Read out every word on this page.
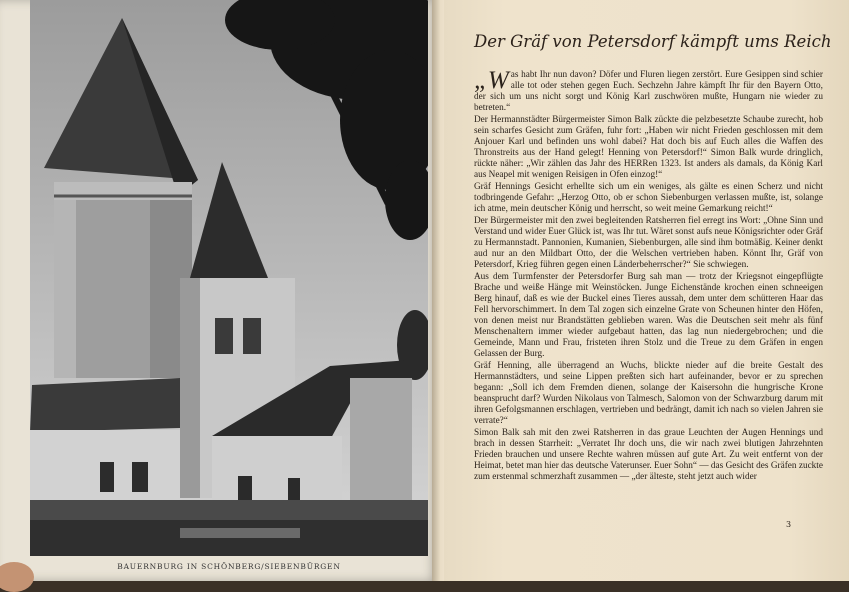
BAUERNBURG IN SCHÖNBERG/SIEBENBÜRGEN
Der Gräf von Petersdorf kämpft ums Reich

„Was habt Ihr nun davon? Döfer und Fluren liegen zerstört. Eure Gesippen sind schier alle tot oder stehen gegen Euch. Sechzehn Jahre kämpft Ihr für den Bayern Otto, der sich um uns nicht sorgt und König Karl zuschwören mußte, Hungarn nie wieder zu betreten.“

Der Hermannstädter Bürgermeister Simon Balk zückte die pelzbesetzte Schaube zurecht, hob sein scharfes Gesicht zum Gräfen, fuhr fort: „Haben wir nicht Frieden geschlossen mit dem Anjouer Karl und befinden uns wohl dabei? Hat doch bis auf Euch alles die Waffen des Thronstreits aus der Hand gelegt! Henning von Petersdorf!“ Simon Balk wurde dringlich, rückte näher: „Wir zählen das Jahr des HERRen 1323. Ist anders als damals, da König Karl aus Neapel mit wenigen Reisigen in Ofen einzog!“

Gräf Hennings Gesicht erhellte sich um ein weniges, als gälte es einen Scherz und nicht todbringende Gefahr: „Herzog Otto, ob er schon Siebenburgen verlassen mußte, ist, solange ich atme, mein deutscher König und herrscht, so weit meine Gemarkung reicht!“

Der Bürgermeister mit den zwei begleitenden Ratsherren fiel erregt ins Wort: „Ohne Sinn und Verstand und wider Euer Glück ist, was Ihr tut. Wäret sonst aufs neue Königsrichter oder Gräf zu Hermannstadt. Pannonien, Kumanien, Siebenburgen, alle sind ihm botmäßig. Keiner denkt aud nur an den Mildbart Otto, der die Welschen vertrieben haben. Könnt Ihr, Gräf von Petersdorf, Krieg führen gegen einen Länderbeherrscher?“ Sie schwiegen.

Aus dem Turmfenster der Petersdorfer Burg sah man — trotz der Kriegsnot eingepflügte Brache und weiße Hänge mit Weinstöcken. Junge Eichenstände krochen einen schneeigen Berg hinauf, daß es wie der Buckel eines Tieres aussah, dem unter dem schütteren Haar das Fell hervorschimmert. In dem Tal zogen sich einzelne Grate von Scheunen hinter den Höfen, von denen meist nur Brandstätten geblieben waren. Was die Deutschen seit mehr als fünf Menschenaltern immer wieder aufgebaut hatten, das lag nun niedergebrochen; und die Gemeinde, Mann und Frau, fristeten ihren Stolz und die Treue zu dem Gräfen in engen Gelassen der Burg.

Gräf Henning, alle überragend an Wuchs, blickte nieder auf die breite Gestalt des Hermannstädters, und seine Lippen preßten sich hart aufeinander, bevor er zu sprechen begann: „Soll ich dem Fremden dienen, solange der Kaisersohn die hungrische Krone beansprucht darf? Wurden Nikolaus von Talmesch, Salomon von der Schwarzburg darum mit ihren Gefolgsmannen erschlagen, vertrieben und bedrängt, damit ich nach so vielen Jahren sie verrate?“

Simon Balk sah mit den zwei Ratsherren in das graue Leuchten der Augen Hennings und brach in dessen Starrheit: „Verratet Ihr doch uns, die wir nach zwei blutigen Jahrzehnten Frieden brauchen und unsere Rechte wahren müssen auf gute Art. Zu weit entfernt von der Heimat, betet man hier das deutsche Vaterunser. Euer Sohn“ — das Gesicht des Gräfen zuckte zum erstenmal schmerzhaft zusammen — „der älteste, steht jetzt auch wider

3
